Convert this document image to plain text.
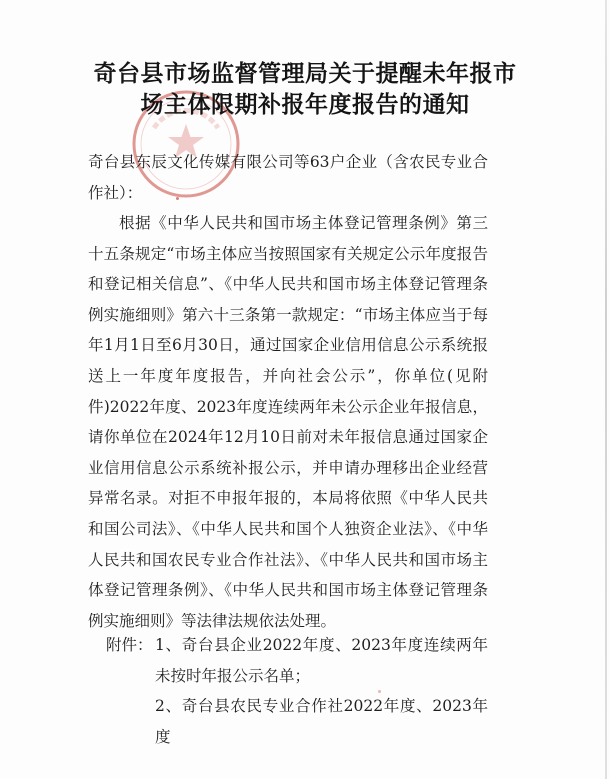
奇台县市场监督管理局关于提醒未年报市
场主体限期补报年度报告的通知
奇台县东辰文化传媒有限公司等63户企业（含农民专业合作社）：
根据《中华人民共和国市场主体登记管理条例》第三十五条规定“市场主体应当按照国家有关规定公示年度报告和登记相关信息”、《中华人民共和国市场主体登记管理条例实施细则》第六十三条第一款规定：“市场主体应当于每年1月1日至6月30日，通过国家企业信用信息公示系统报送上一年度年度报告，并向社会公示”，你单位(见附件)2022年度、2023年度连续两年未公示企业年报信息，请你单位在2024年12月10日前对未年报信息通过国家企业信用信息公示系统补报公示，并申请办理移出企业经营异常名录。对拒不申报年报的，本局将依照《中华人民共和国公司法》、《中华人民共和国个人独资企业法》、《中华人民共和国农民专业合作社法》、《中华人民共和国市场主体登记管理条例》、《中华人民共和国市场主体登记管理条例实施细则》等法律法规依法处理。
附件： 1、奇台县企业2022年度、2023年度连续两年未按时年报公示名单；
2、奇台县农民专业合作社2022年度、2023年度
